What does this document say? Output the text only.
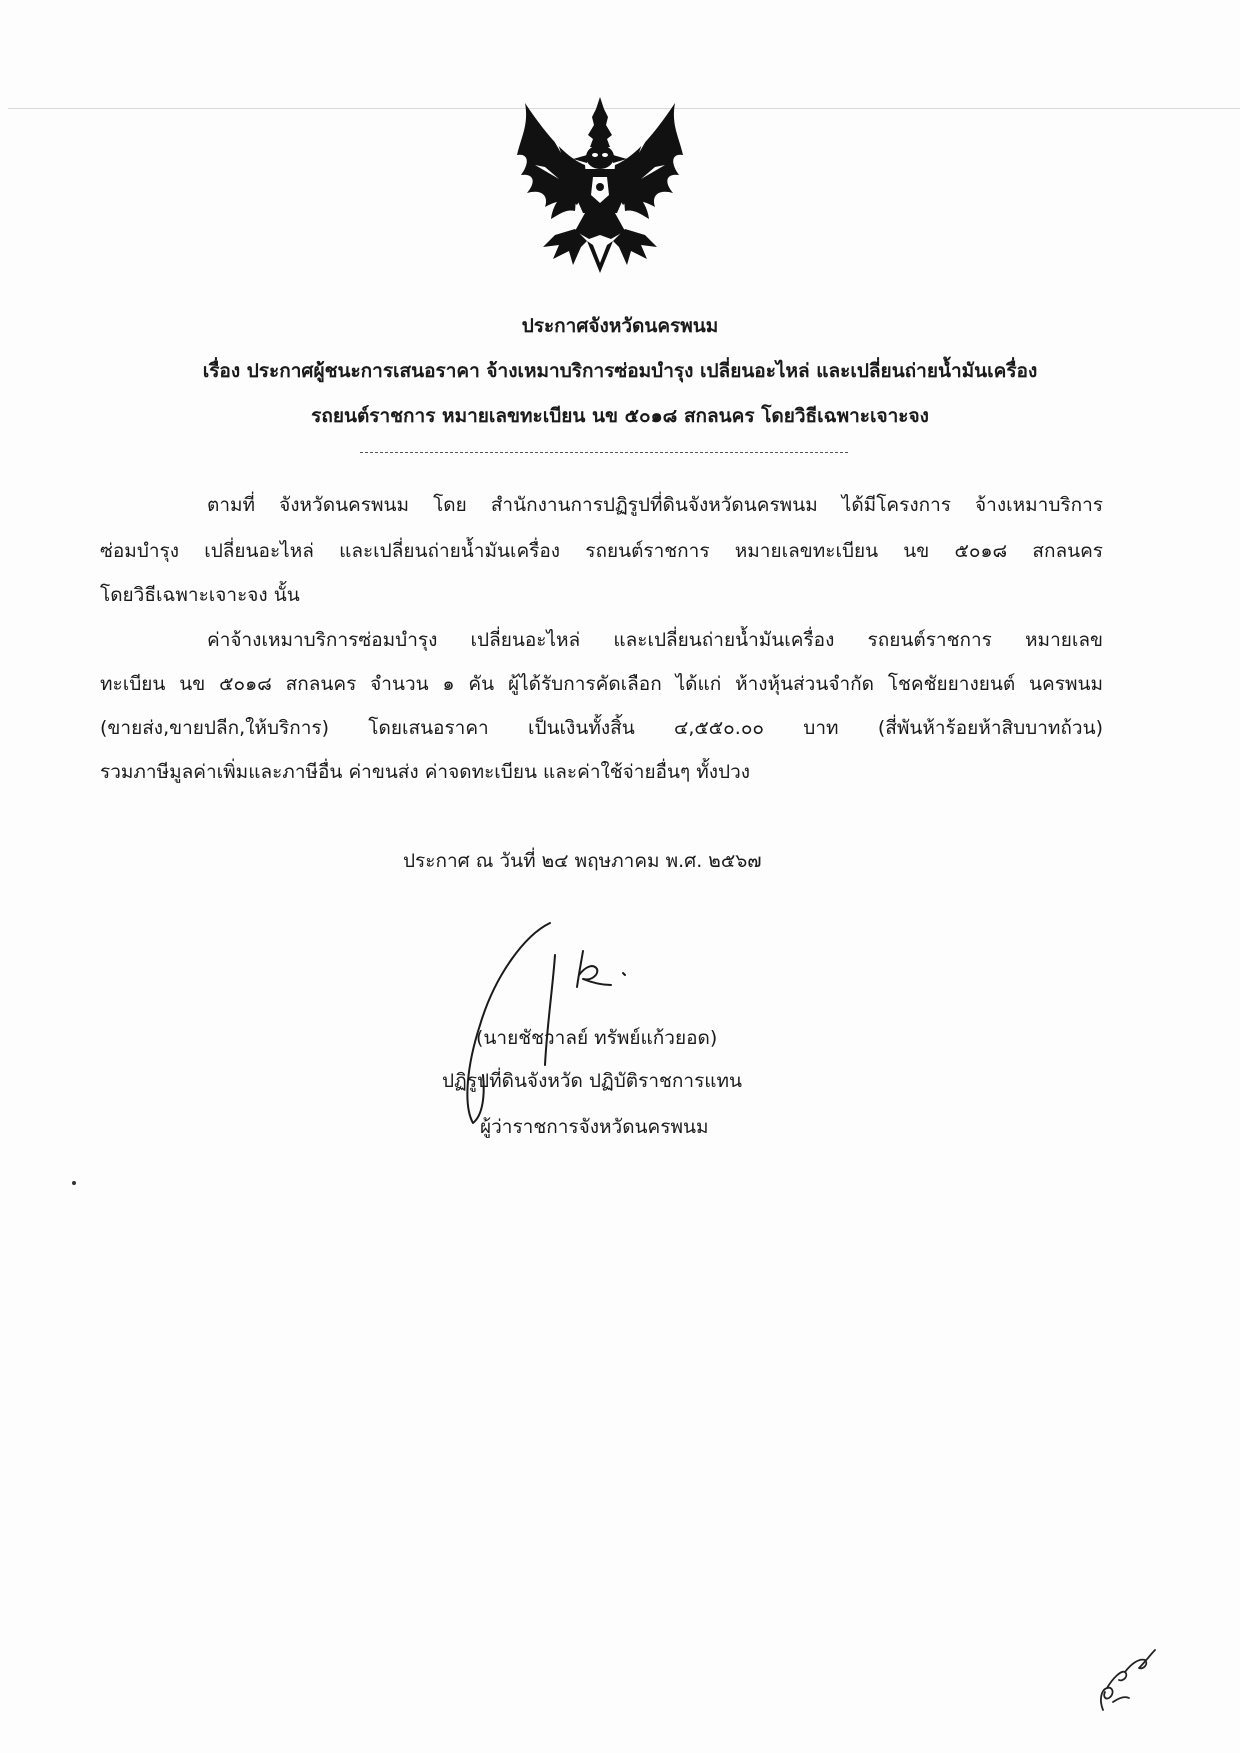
ประกาศจังหวัดนครพนม
เรื่อง ประกาศผู้ชนะการเสนอราคา จ้างเหมาบริการซ่อมบำรุง เปลี่ยนอะไหล่ และเปลี่ยนถ่ายน้ำมันเครื่อง
รถยนต์ราชการ หมายเลขทะเบียน นข ๕๐๑๘ สกลนคร โดยวิธีเฉพาะเจาะจง
ตามที่ จังหวัดนครพนม โดย สำนักงานการปฏิรูปที่ดินจังหวัดนครพนม ได้มีโครงการ จ้างเหมาบริการ
ซ่อมบำรุง เปลี่ยนอะไหล่ และเปลี่ยนถ่ายน้ำมันเครื่อง รถยนต์ราชการ หมายเลขทะเบียน นข ๕๐๑๘ สกลนคร
โดยวิธีเฉพาะเจาะจง นั้น
ค่าจ้างเหมาบริการซ่อมบำรุง เปลี่ยนอะไหล่ และเปลี่ยนถ่ายน้ำมันเครื่อง รถยนต์ราชการ หมายเลข
ทะเบียน นข ๕๐๑๘ สกลนคร จำนวน ๑ คัน ผู้ได้รับการคัดเลือก ได้แก่ ห้างหุ้นส่วนจำกัด โชคชัยยางยนต์ นครพนม
(ขายส่ง,ขายปลีก,ให้บริการ) โดยเสนอราคา เป็นเงินทั้งสิ้น ๔,๕๕๐.๐๐ บาท (สี่พันห้าร้อยห้าสิบบาทถ้วน)
รวมภาษีมูลค่าเพิ่มและภาษีอื่น ค่าขนส่ง ค่าจดทะเบียน และค่าใช้จ่ายอื่นๆ ทั้งปวง
ประกาศ ณ วันที่ ๒๔ พฤษภาคม พ.ศ. ๒๕๖๗
(นายชัชวาลย์ ทรัพย์แก้วยอด)
ปฏิรูปที่ดินจังหวัด ปฏิบัติราชการแทน
ผู้ว่าราชการจังหวัดนครพนม
